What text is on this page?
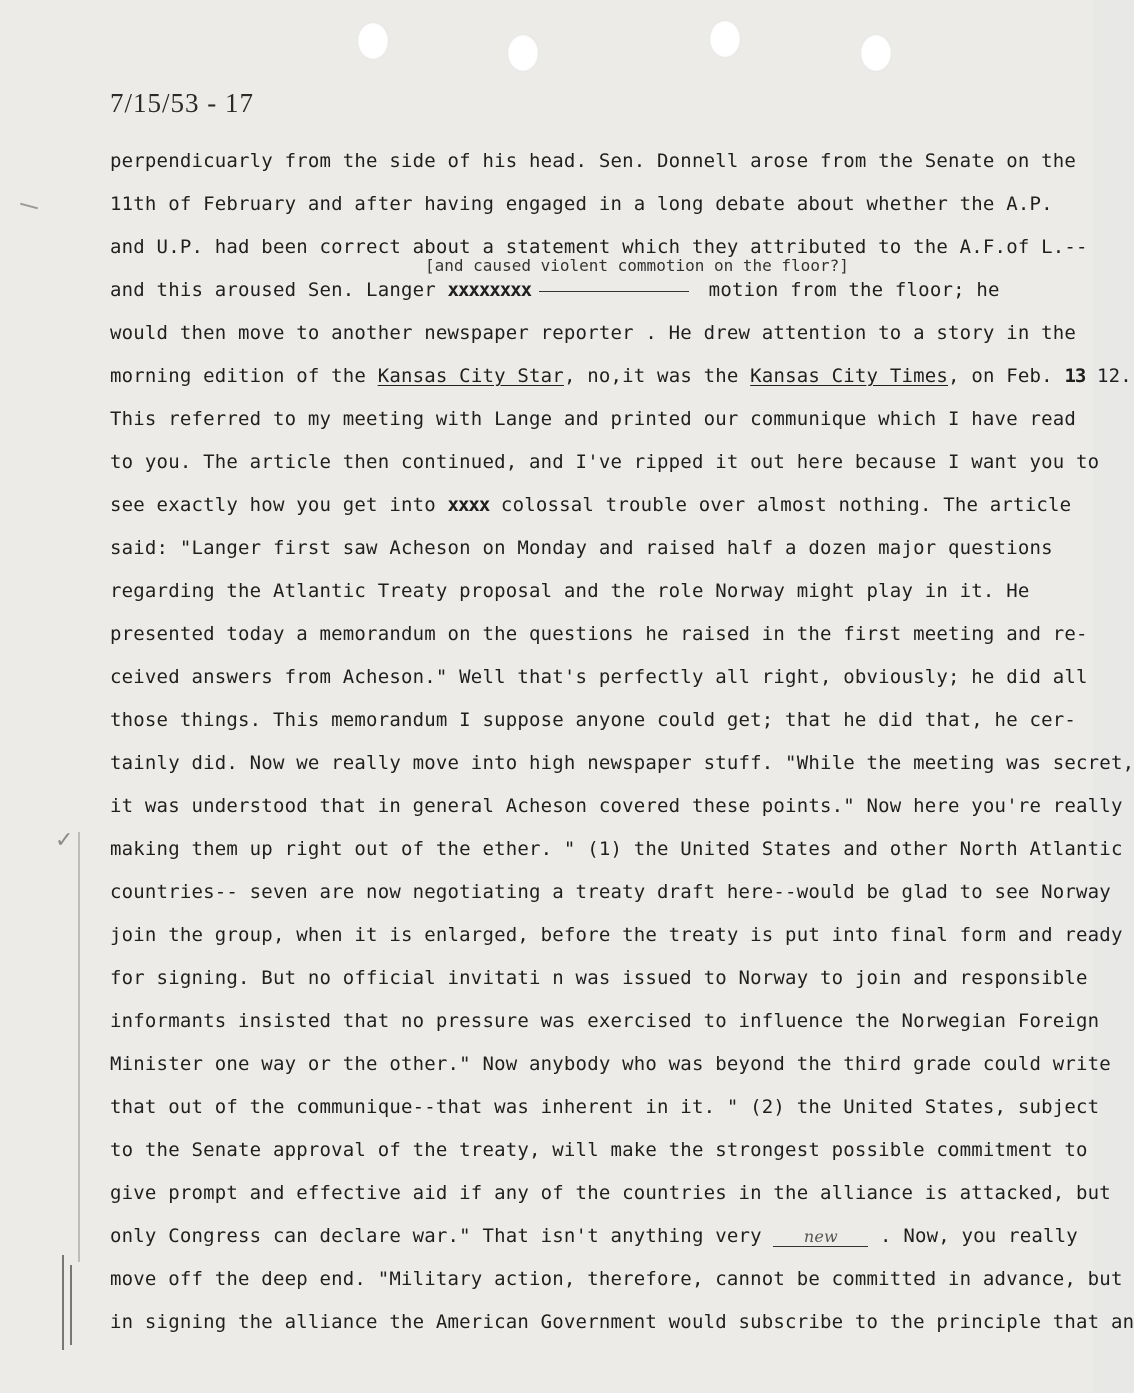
✓
7/15/53 - 17
perpendicuarly from the side of his head. Sen. Donnell arose from the Senate on the
11th of February and after having engaged in a long debate about whether the A.P.
and U.P. had been correct about a statement which they attributed to the A.F.of L.--
[and caused violent commotion on the floor?]
and this aroused Sen. Langer xxxxxxxx	motion from the floor; he
would then move to another newspaper reporter . He drew attention to a story in the
morning edition of the Kansas City Star, no,it was the Kansas City Times, on Feb. 13 12.
This referred to my meeting with Lange and printed our communique which I have read
to you. The article then continued, and I've ripped it out here because I want you to
see exactly how you get into xxxx colossal trouble over almost nothing. The article
said: "Langer first saw Acheson on Monday and raised half a dozen major questions
regarding the Atlantic Treaty proposal and the role Norway might play in it. He
presented today a memorandum on the questions he raised in the first meeting and re-
ceived answers from Acheson." Well that's perfectly all right, obviously; he did all
those things. This memorandum I suppose anyone could get; that he did that, he cer-
tainly did. Now we really move into high newspaper stuff. "While the meeting was secret,
it was understood that in general Acheson covered these points." Now here you're really
making them up right out of the ether. " (1) the United States and other North Atlantic
countries-- seven are now negotiating a treaty draft here--would be glad to see Norway
join the group, when it is enlarged, before the treaty is put into final form and ready
for signing. But no official invitati n was issued to Norway to join and responsible
informants insisted that no pressure was exercised to influence the Norwegian Foreign
Minister one way or the other." Now anybody who was beyond the third grade could write
that out of the communique--that was inherent in it. " (2) the United States, subject
to the Senate approval of the treaty, will make the strongest possible commitment to
give prompt and effective aid if any of the countries in the alliance is attacked, but
only Congress can declare war." That isn't anything very new . Now, you really
move off the deep end. "Military action, therefore, cannot be committed in advance, but
in signing the alliance the American Government would subscribe to the principle that an
